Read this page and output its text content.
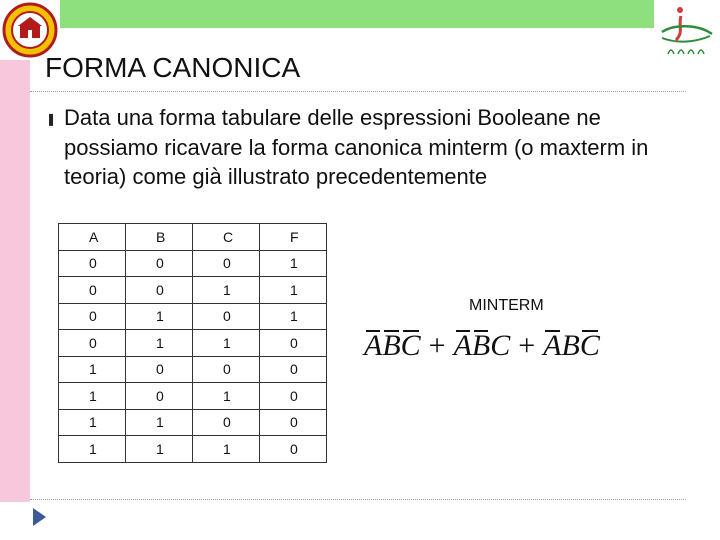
FORMA CANONICA
❚ Data una forma tabulare delle espressioni Booleane ne possiamo ricavare la forma canonica minterm (o maxterm in teoria) come già illustrato precedentemente
A	B	C	F
0	0	0	1
0	0	1	1
0	1	0	1
0	1	1	0
1	0	0	0
1	0	1	0
1	1	0	0
1	1	1	0
MINTERM
ABC + ABC + ABC
